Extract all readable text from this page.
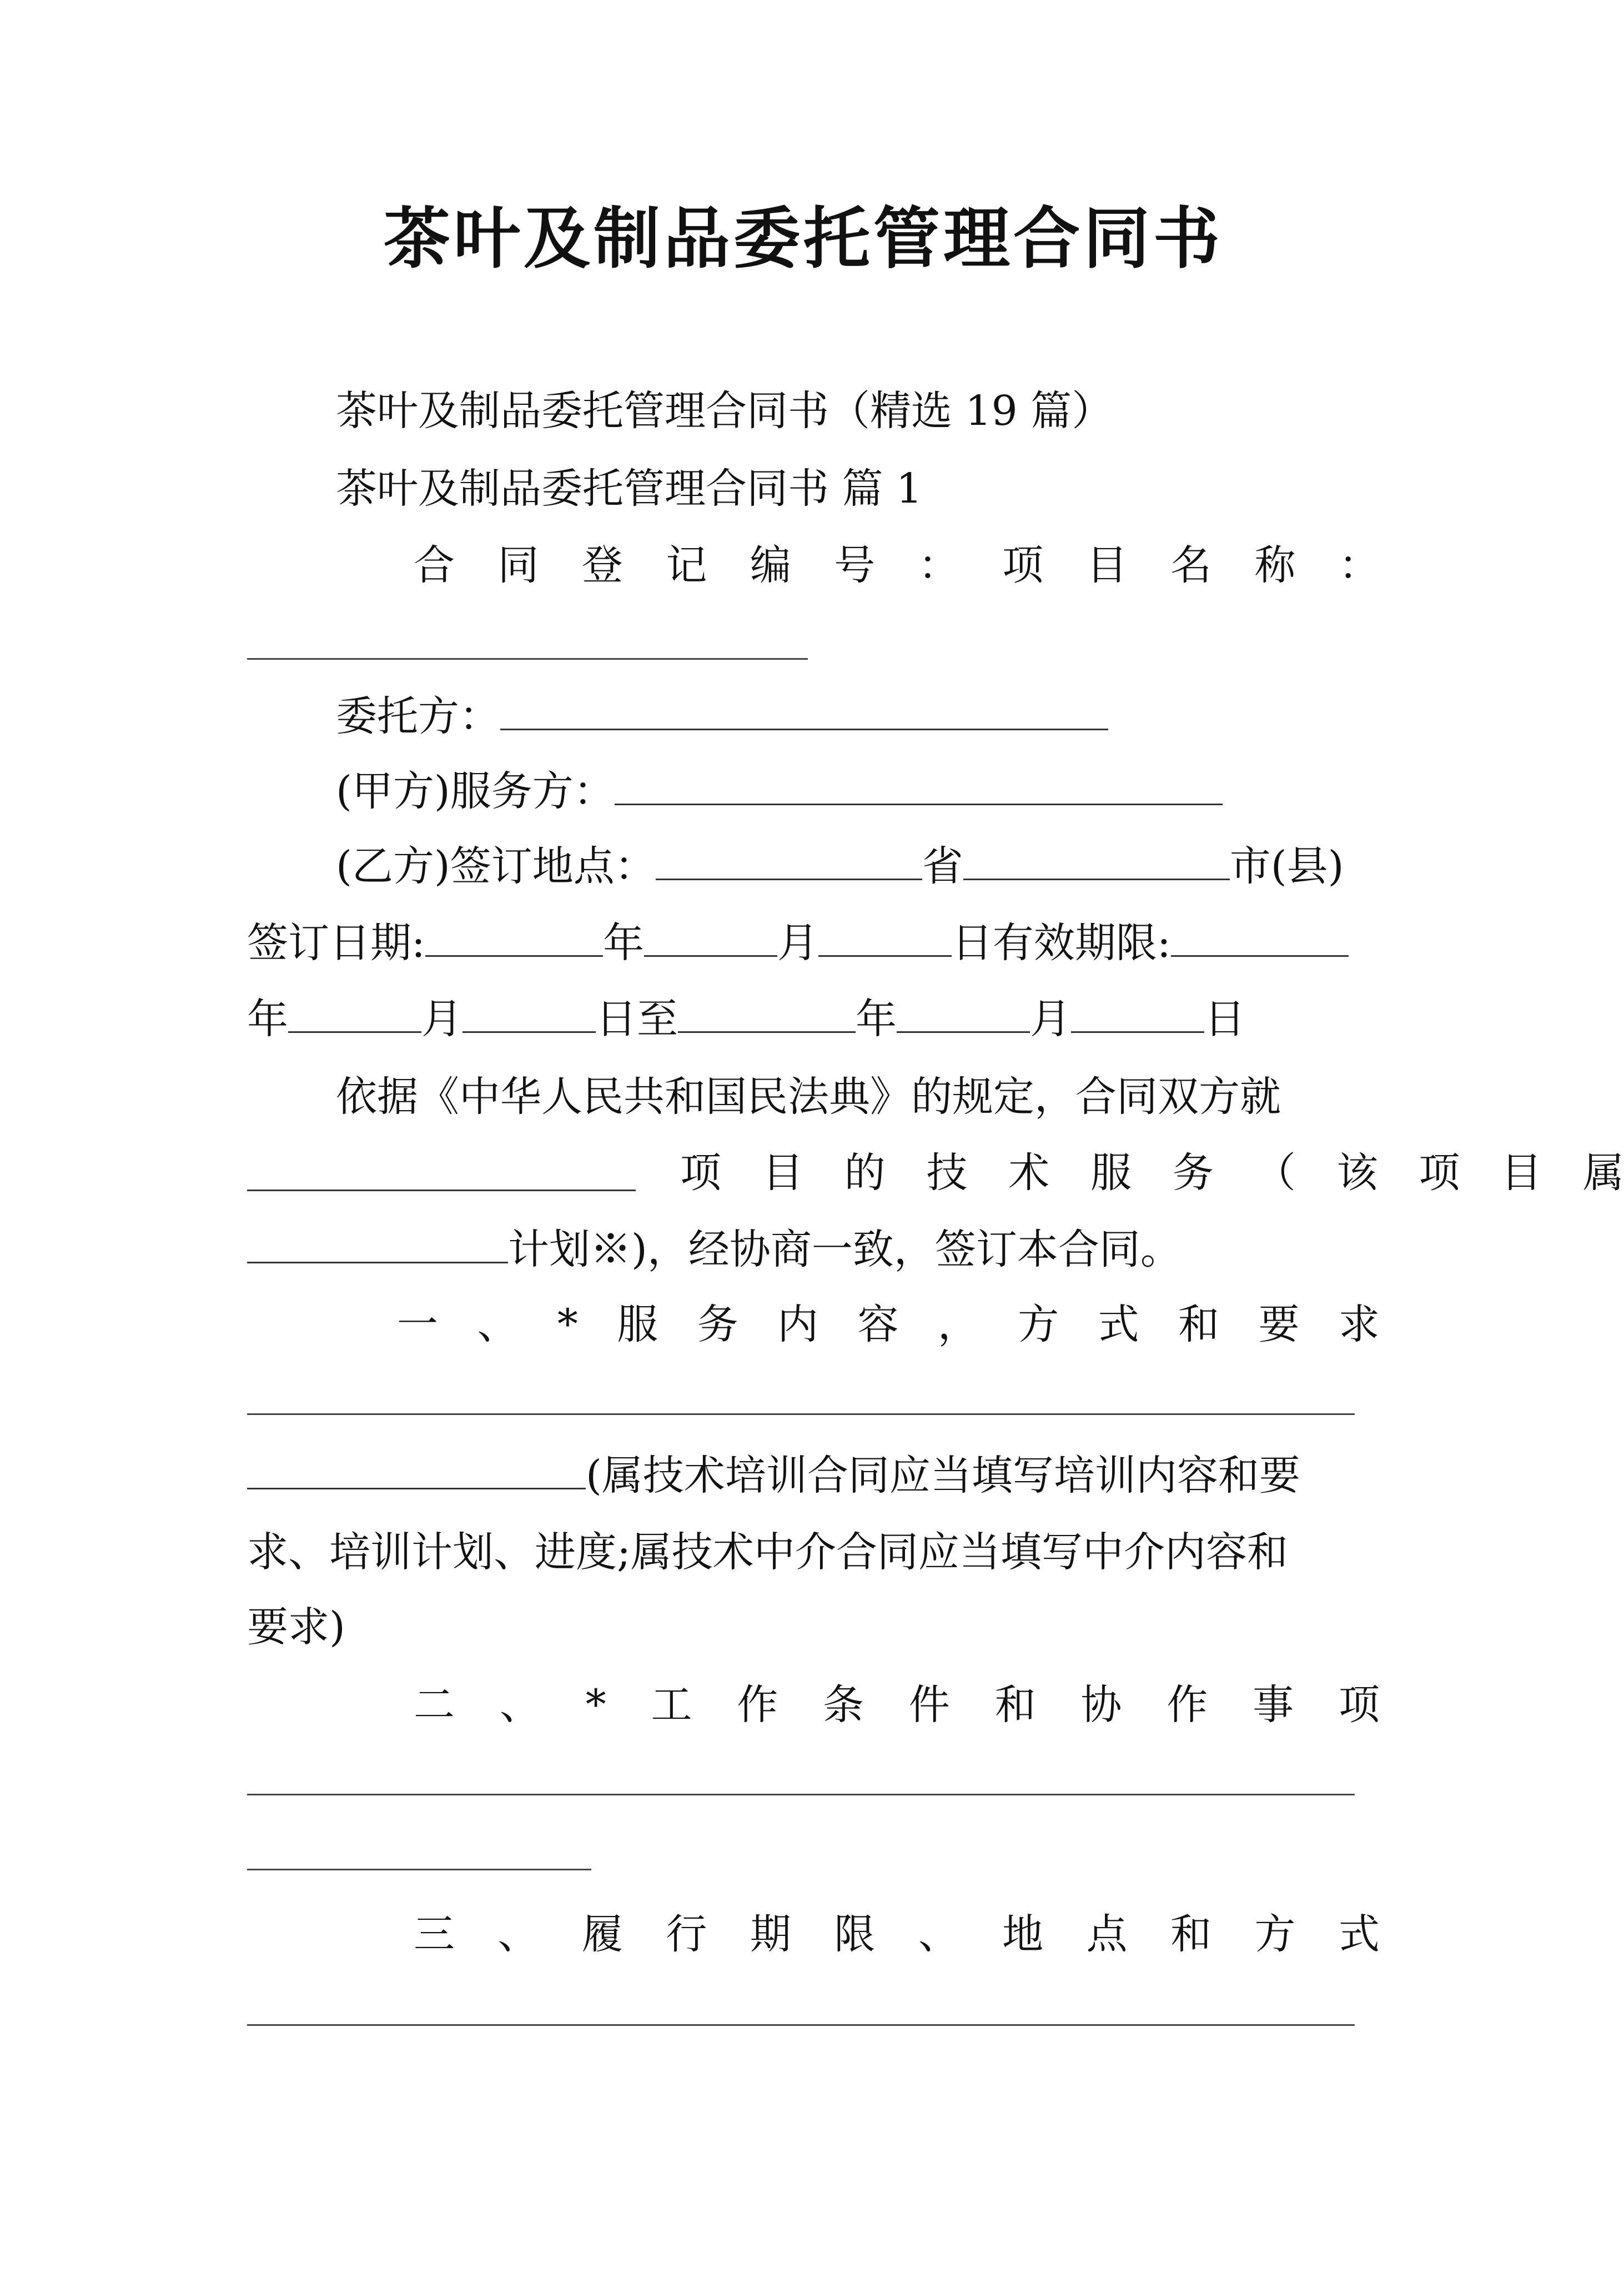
茶叶及制品委托管理合同书
茶叶及制品委托管理合同书（精选 19 篇）
茶叶及制品委托管理合同书 篇 1
合 同 登 记 编 号 ： 项 目 名 称 ：
委托方：
(甲方)服务方：
(乙方)签订地点：	省	市(县)
签订日期:	年	月	日有效期限:
年	月	日至	年	月	日
依据《中华人民共和国民法典》的规定，合同双方就
项 目 的 技 术 服 务 （ 该 项 目 属
计划※)，经协商一致，签订本合同。
一 、 * 服 务 内 容 ， 方 式 和 要 求
(属技术培训合同应当填写培训内容和要
求、培训计划、进度;属技术中介合同应当填写中介内容和
要求)
二 、 * 工 作 条 件 和 协 作 事 项
三 、 履 行 期 限 、 地 点 和 方 式
